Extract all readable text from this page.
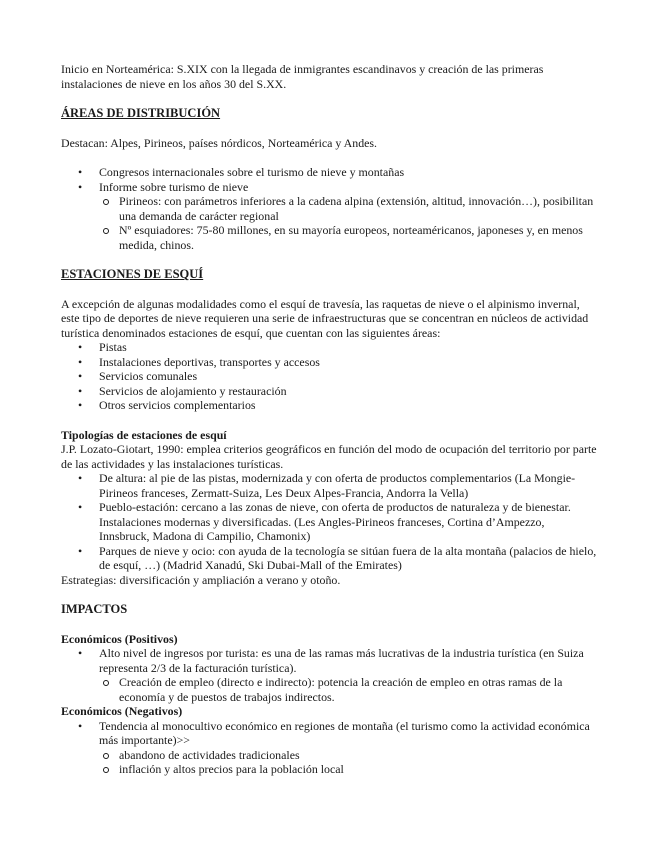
Inicio en Norteamérica: S.XIX con la llegada de inmigrantes escandinavos y creación de las primeras instalaciones de nieve en los años 30 del S.XX.

ÁREAS DE DISTRIBUCIÓN

Destacan: Alpes, Pirineos, países nórdicos, Norteamérica y Andes.

• Congresos internacionales sobre el turismo de nieve y montañas
• Informe sobre turismo de nieve
Pirineos: con parámetros inferiores a la cadena alpina (extensión, altitud, innovación…), posibilitan una demanda de carácter regional
Nº esquiadores: 75-80 millones, en su mayoría europeos, norteaméricanos, japoneses y, en menos medida, chinos.
ESTACIONES DE ESQUÍ

A excepción de algunas modalidades como el esquí de travesía, las raquetas de nieve o el alpinismo invernal, este tipo de deportes de nieve requieren una serie de infraestructuras que se concentran en núcleos de actividad turística denominados estaciones de esquí, que cuentan con las siguientes áreas:

• Pistas
• Instalaciones deportivas, transportes y accesos
• Servicios comunales
• Servicios de alojamiento y restauración
• Otros servicios complementarios
Tipologías de estaciones de esquí

J.P. Lozato-Giotart, 1990: emplea criterios geográficos en función del modo de ocupación del territorio por parte de las actividades y las instalaciones turísticas.

• De altura: al pie de las pistas, modernizada y con oferta de productos complementarios (La Mongie-Pirineos franceses, Zermatt-Suiza, Les Deux Alpes-Francia, Andorra la Vella)
• Pueblo-estación: cercano a las zonas de nieve, con oferta de productos de naturaleza y de bienestar. Instalaciones modernas y diversificadas. (Les Angles-Pirineos franceses, Cortina d’Ampezzo, Innsbruck, Madona di Campilio, Chamonix)
• Parques de nieve y ocio: con ayuda de la tecnología se sitúan fuera de la alta montaña (palacios de hielo, de esquí, …) (Madrid Xanadú, Ski Dubai-Mall of the Emirates)

Estrategias: diversificación y ampliación a verano y otoño.

IMPACTOS
Económicos (Positivos)
• Alto nivel de ingresos por turista: es una de las ramas más lucrativas de la industria turística (en Suiza representa 2/3 de la facturación turística).
Creación de empleo (directo e indirecto): potencia la creación de empleo en otras ramas de la economía y de puestos de trabajos indirectos.
Económicos (Negativos)
• Tendencia al monocultivo económico en regiones de montaña (el turismo como la actividad económica más importante)>>
abandono de actividades tradicionales
inflación y altos precios para la población local
